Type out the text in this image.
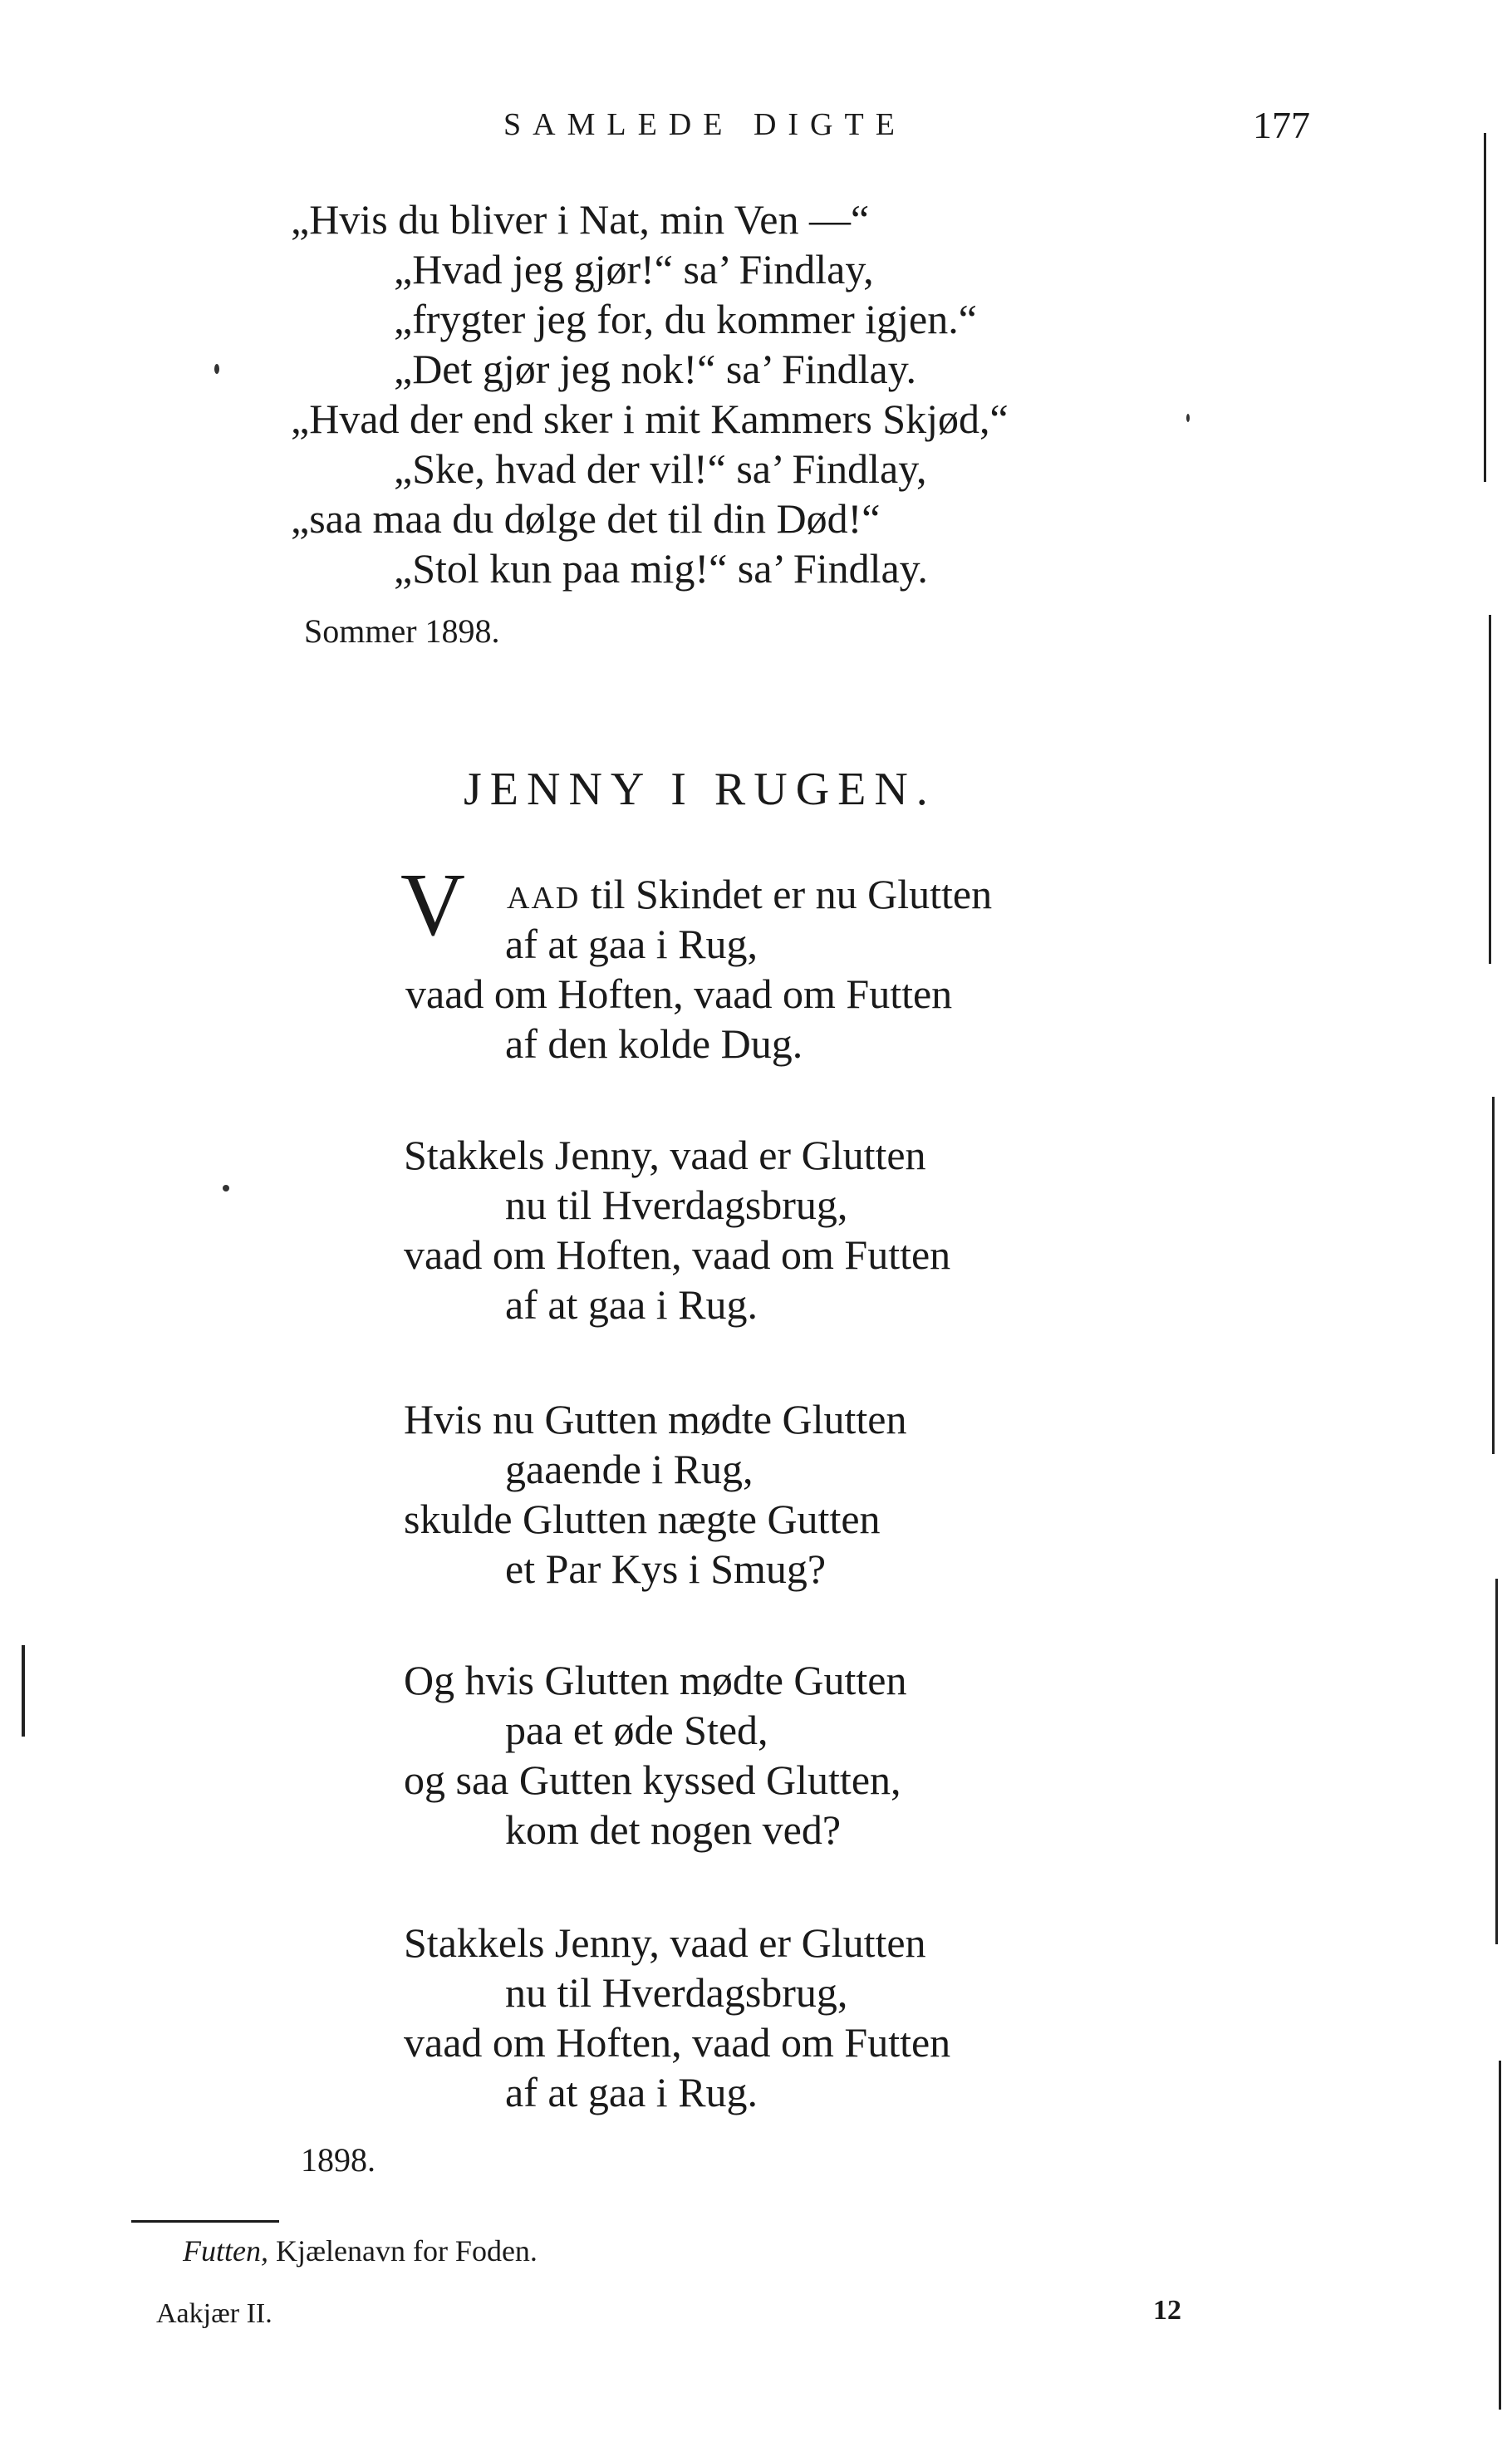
SAMLEDE DIGTE	177
„Hvis du bliver i Nat, min Ven —“
„Hvad jeg gjør!“ sa’ Findlay,
„frygter jeg for, du kommer igjen.“
„Det gjør jeg nok!“ sa’ Findlay.
„Hvad der end sker i mit Kammers Skjød,“
„Ske, hvad der vil!“ sa’ Findlay,
„saa maa du dølge det til din Død!“
„Stol kun paa mig!“ sa’ Findlay.
Sommer 1898.
JENNY I RUGEN.
V AAD til Skindet er nu Glutten
af at gaa i Rug,
vaad om Hoften, vaad om Futten
af den kolde Dug.
Stakkels Jenny, vaad er Glutten
nu til Hverdagsbrug,
vaad om Hoften, vaad om Futten
af at gaa i Rug.
Hvis nu Gutten mødte Glutten
gaaende i Rug,
skulde Glutten nægte Gutten
et Par Kys i Smug?
Og hvis Glutten mødte Gutten
paa et øde Sted,
og saa Gutten kyssed Glutten,
kom det nogen ved?
Stakkels Jenny, vaad er Glutten
nu til Hverdagsbrug,
vaad om Hoften, vaad om Futten
af at gaa i Rug.
1898.
Futten, Kjælenavn for Foden.
Aakjær II.	12
